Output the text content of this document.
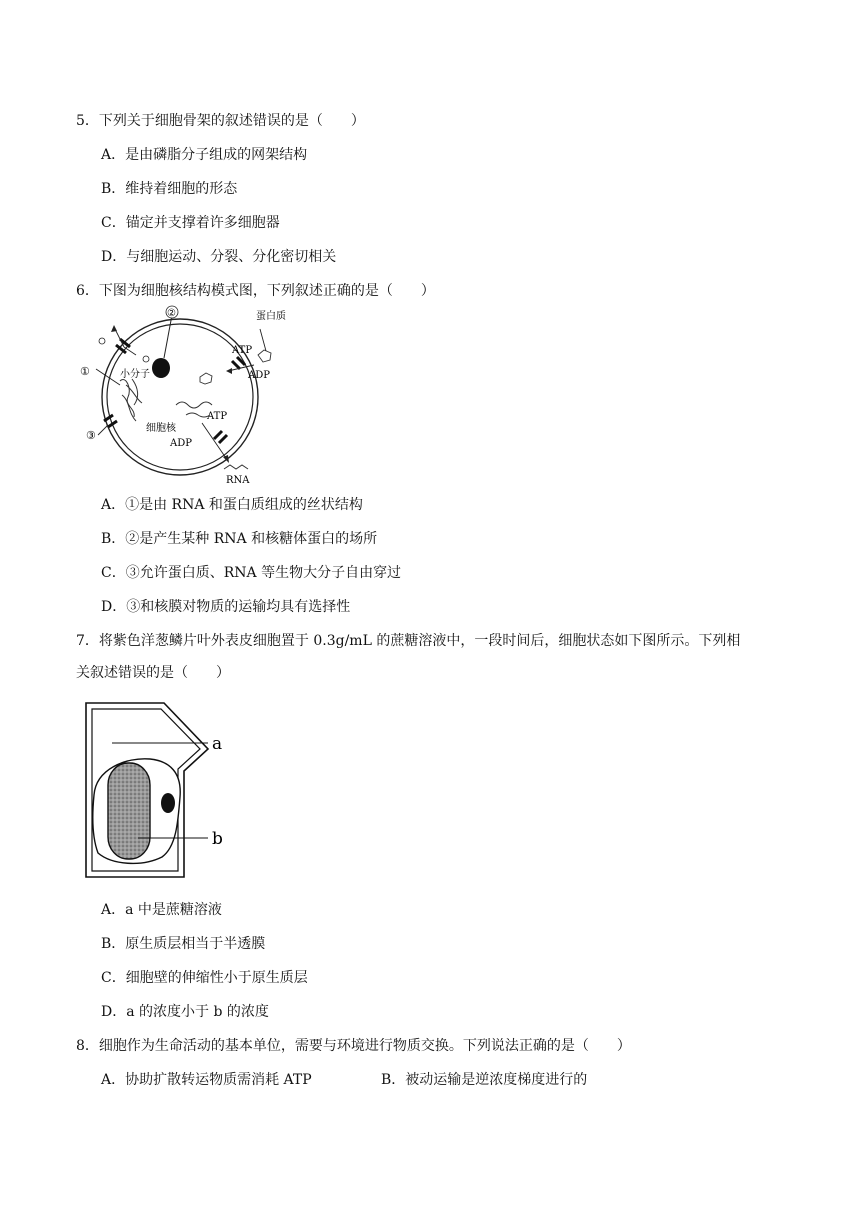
5．下列关于细胞骨架的叙述错误的是（　　）
A．是由磷脂分子组成的网架结构
B．维持着细胞的形态
C．锚定并支撑着许多细胞器
D．与细胞运动、分裂、分化密切相关
6．下图为细胞核结构模式图，下列叙述正确的是（　　）
②
①	小分子
③
蛋白质
ATP
ADP
ATP
细胞核
ADP
RNA
A．①是由 RNA 和蛋白质组成的丝状结构
B．②是产生某种 RNA 和核糖体蛋白的场所
C．③允许蛋白质、RNA 等生物大分子自由穿过
D．③和核膜对物质的运输均具有选择性
7．将紫色洋葱鳞片叶外表皮细胞置于 0.3g/mL 的蔗糖溶液中，一段时间后，细胞状态如下图所示。下列相
关叙述错误的是（　　）
a
b
A．a 中是蔗糖溶液
B．原生质层相当于半透膜
C．细胞壁的伸缩性小于原生质层
D．a 的浓度小于 b 的浓度
8．细胞作为生命活动的基本单位，需要与环境进行物质交换。下列说法正确的是（　　）
A．协助扩散转运物质需消耗 ATP	B．被动运输是逆浓度梯度进行的
